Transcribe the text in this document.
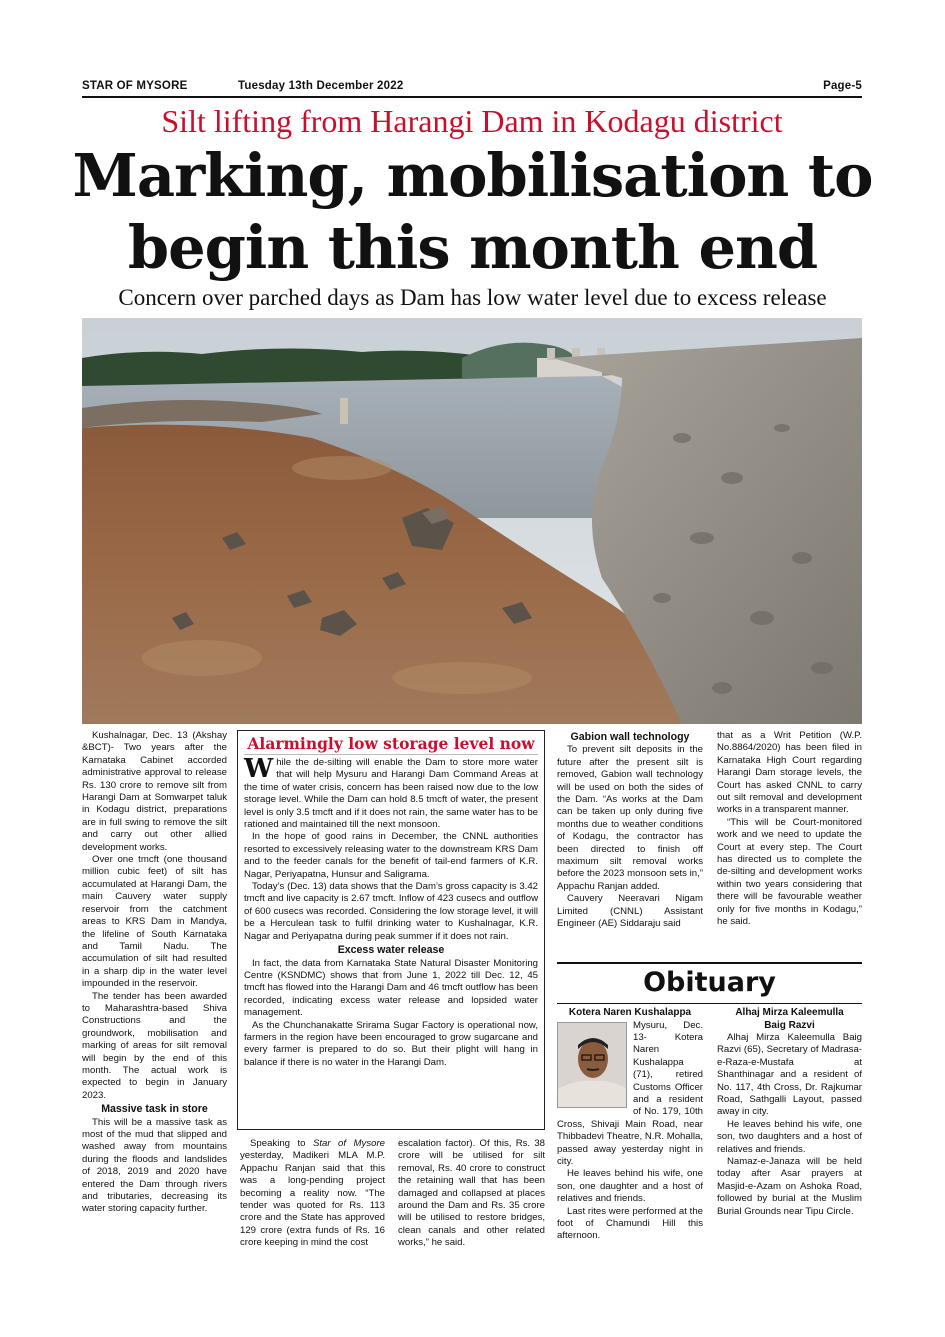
STAR OF MYSORE	Tuesday 13th December 2022	Page-5
Silt lifting from Harangi Dam in Kodagu district
Marking, mobilisation to
begin this month end
Concern over parched days as Dam has low water level due to excess release

Kushalnagar, Dec. 13 (Akshay &BCT)- Two years after the Karnataka Cabinet accorded administrative approval to release Rs. 130 crore to remove silt from Harangi Dam at Somwarpet taluk in Kodagu district, preparations are in full swing to remove the silt and carry out other allied development works.

Over one tmcft (one thousand million cubic feet) of silt has accumulated at Harangi Dam, the main Cauvery water supply reservoir from the catchment areas to KRS Dam in Mandya, the lifeline of South Karnataka and Tamil Nadu. The accumulation of silt had resulted in a sharp dip in the water level impounded in the reservoir.

The tender has been awarded to Maharashtra-based Shiva Constructions and the groundwork, mobilisation and marking of areas for silt removal will begin by the end of this month. The actual work is expected to begin in January 2023.

Massive task in store

This will be a massive task as most of the mud that slipped and washed away from mountains during the floods and landslides of 2018, 2019 and 2020 have entered the Dam through rivers and tributaries, decreasing its water storing capacity further.

Alarmingly low storage level now

While the de-silting will enable the Dam to store more water that will help Mysuru and Harangi Dam Command Areas at the time of water crisis, concern has been raised now due to the low storage level. While the Dam can hold 8.5 tmcft of water, the present level is only 3.5 tmcft and if it does not rain, the same water has to be rationed and maintained till the next monsoon.

In the hope of good rains in December, the CNNL authorities resorted to excessively releasing water to the downstream KRS Dam and to the feeder canals for the benefit of tail-end farmers of K.R. Nagar, Periyapatna, Hunsur and Saligrama.

Today’s (Dec. 13) data shows that the Dam’s gross capacity is 3.42 tmcft and live capacity is 2.67 tmcft. Inflow of 423 cusecs and outflow of 600 cusecs was recorded. Considering the low storage level, it will be a Herculean task to fulfil drinking water to Kushalnagar, K.R. Nagar and Periyapatna during peak summer if it does not rain.

Excess water release

In fact, the data from Karnataka State Natural Disaster Monitoring Centre (KSNDMC) shows that from June 1, 2022 till Dec. 12, 45 tmcft has flowed into the Harangi Dam and 46 tmcft outflow has been recorded, indicating excess water release and lopsided water management.

As the Chunchanakatte Srirama Sugar Factory is operational now, farmers in the region have been encouraged to grow sugarcane and every farmer is prepared to do so. But their plight will hang in balance if there is no water in the Harangi Dam.

Speaking to Star of Mysore yesterday, Madikeri MLA M.P. Appachu Ranjan said that this was a long-pending project becoming a reality now. “The tender was quoted for Rs. 113 crore and the State has approved 129 crore (extra funds of Rs. 16 crore keeping in mind the cost

escalation factor). Of this, Rs. 38 crore will be utilised for silt removal, Rs. 40 crore to construct the retaining wall that has been damaged and collapsed at places around the Dam and Rs. 35 crore will be utilised to restore bridges, clean canals and other related works,” he said.

Gabion wall technology

To prevent silt deposits in the future after the present silt is removed, Gabion wall technology will be used on both the sides of the Dam. “As works at the Dam can be taken up only during five months due to weather conditions of Kodagu, the contractor has been directed to finish off maximum silt removal works before the 2023 monsoon sets in,” Appachu Ranjan added.

Cauvery Neeravari Nigam Limited (CNNL) Assistant Engineer (AE) Siddaraju said

that as a Writ Petition (W.P. No.8864/2020) has been filed in Karnataka High Court regarding Harangi Dam storage levels, the Court has asked CNNL to carry out silt removal and development works in a transparent manner.

“This will be Court-monitored work and we need to update the Court at every step. The Court has directed us to complete the de-silting and development works within two years considering that there will be favourable weather only for five months in Kodagu,” he said.

Obituary

Kotera Naren Kushalappa

Mysuru, Dec. 13- Kotera Naren Kushalappa (71), retired Customs Officer and a resident of No. 179, 10th Cross, Shivaji Main Road, near Thibbadevi Theatre, N.R. Mohalla, passed away yesterday night in city.

He leaves behind his wife, one son, one daughter and a host of relatives and friends.

Last rites were performed at the foot of Chamundi Hill this afternoon.

Alhaj Mirza Kaleemulla

Baig Razvi

Alhaj Mirza Kaleemulla Baig Razvi (65), Secretary of Madrasa-e-Raza-e-Mustafa at Shanthinagar and a resident of No. 117, 4th Cross, Dr. Rajkumar Road, Sathgalli Layout, passed away in city.

He leaves behind his wife, one son, two daughters and a host of relatives and friends.

Namaz-e-Janaza will be held today after Asar prayers at Masjid-e-Azam on Ashoka Road, followed by burial at the Muslim Burial Grounds near Tipu Circle.
